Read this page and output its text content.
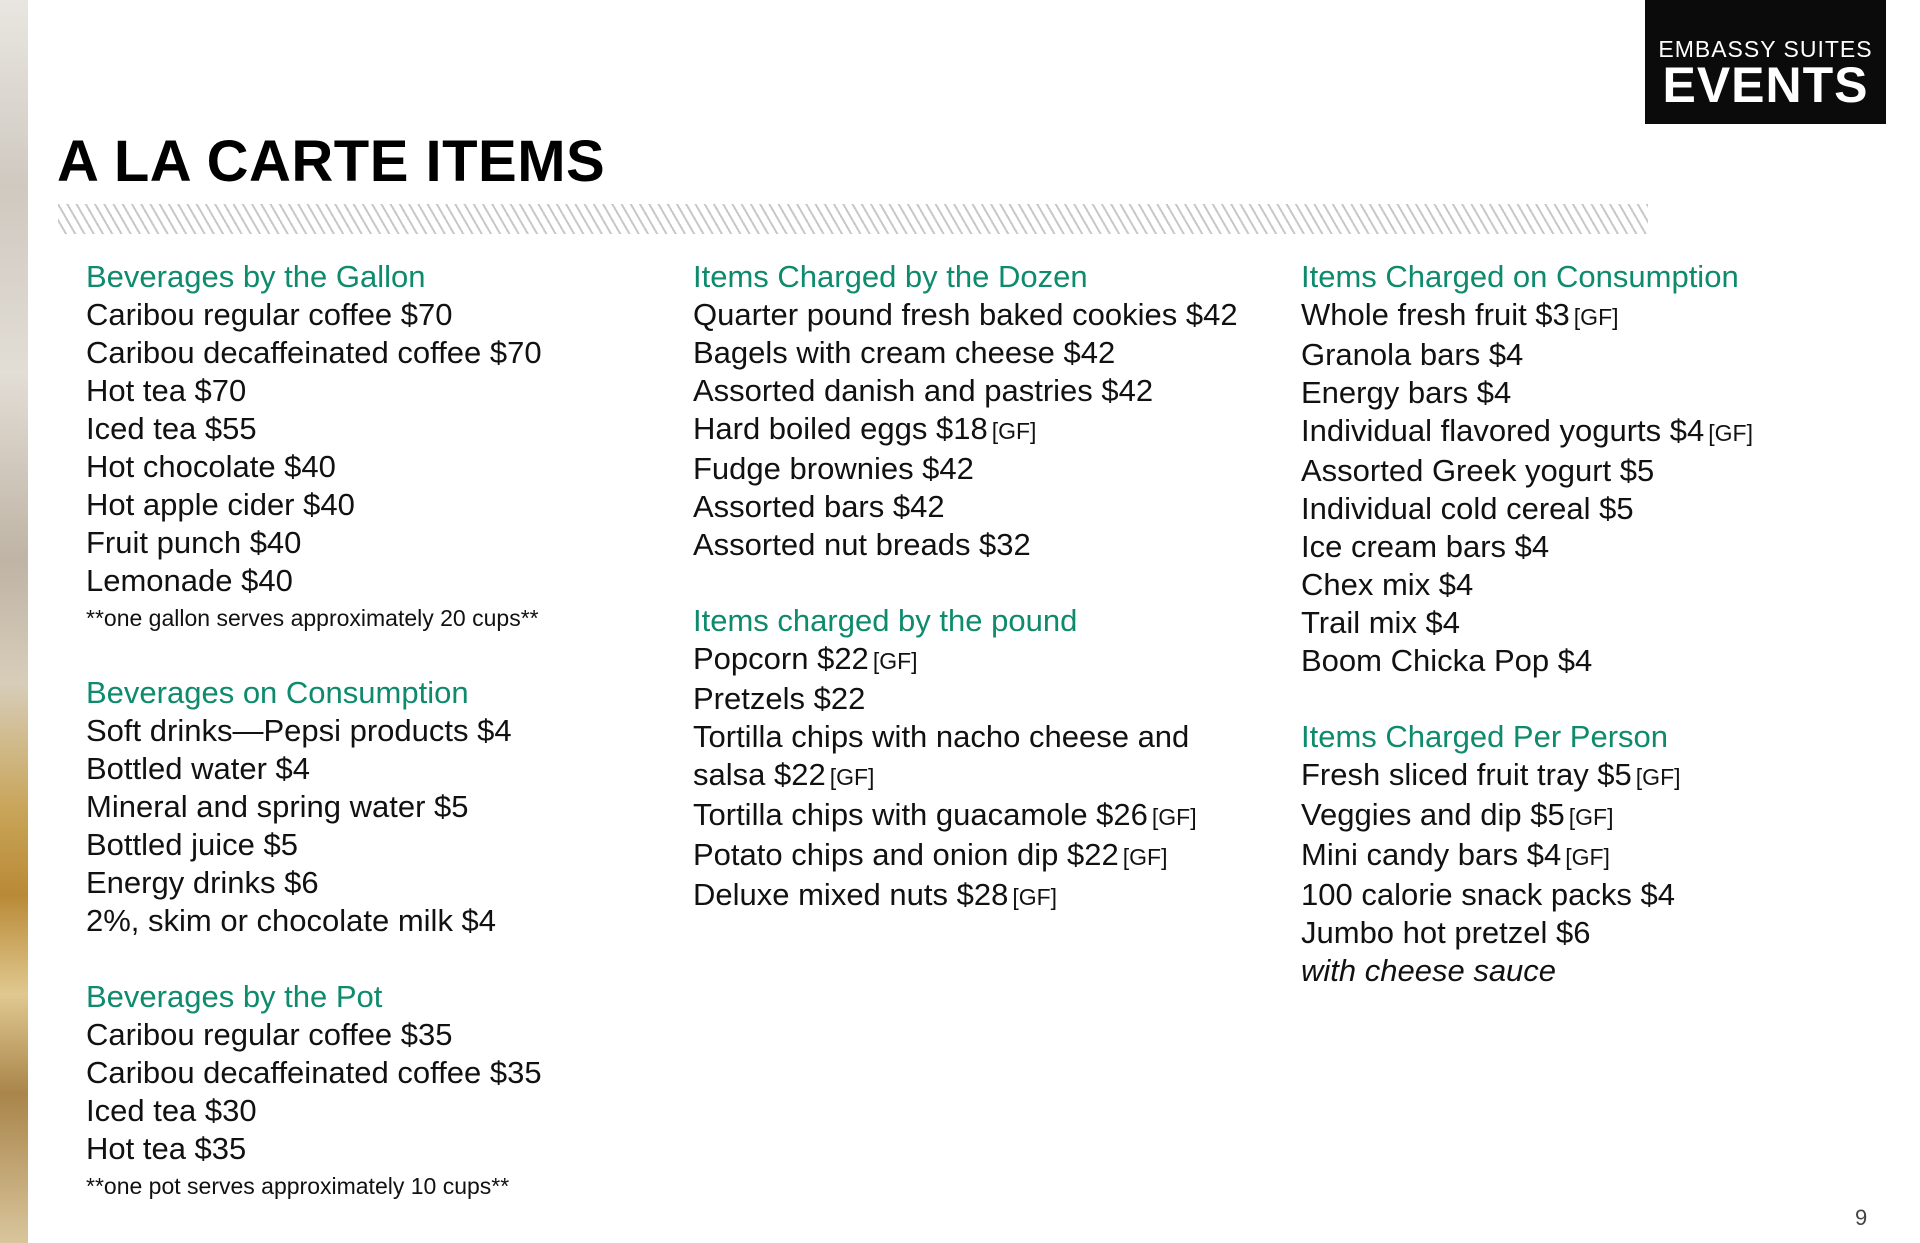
EMBASSY SUITES
EVENTS
A LA CARTE ITEMS
Beverages by the Gallon
Caribou regular coffee $70
Caribou decaffeinated coffee $70
Hot tea $70
Iced tea $55
Hot chocolate $40
Hot apple cider $40
Fruit punch $40
Lemonade $40
**one gallon serves approximately 20 cups**
Beverages on Consumption
Soft drinks—Pepsi products $4
Bottled water $4
Mineral and spring water $5
Bottled juice $5
Energy drinks $6
2%, skim or chocolate milk $4
Beverages by the Pot
Caribou regular coffee $35
Caribou decaffeinated coffee $35
Iced tea $30
Hot tea $35
**one pot serves approximately 10 cups**
Items Charged by the Dozen
Quarter pound fresh baked cookies $42
Bagels with cream cheese $42
Assorted danish and pastries $42
Hard boiled eggs $18 [GF]
Fudge brownies $42
Assorted bars $42
Assorted nut breads $32
Items charged by the pound
Popcorn $22 [GF]
Pretzels $22
Tortilla chips with nacho cheese and salsa $22 [GF]
Tortilla chips with guacamole $26 [GF]
Potato chips and onion dip $22 [GF]
Deluxe mixed nuts $28 [GF]
Items Charged on Consumption
Whole fresh fruit $3 [GF]
Granola bars $4
Energy bars $4
Individual flavored yogurts $4 [GF]
Assorted Greek yogurt $5
Individual cold cereal $5
Ice cream bars $4
Chex mix $4
Trail mix $4
Boom Chicka Pop $4
Items Charged Per Person
Fresh sliced fruit tray $5 [GF]
Veggies and dip $5 [GF]
Mini candy bars $4 [GF]
100 calorie snack packs $4
Jumbo hot pretzel $6
with cheese sauce
9
